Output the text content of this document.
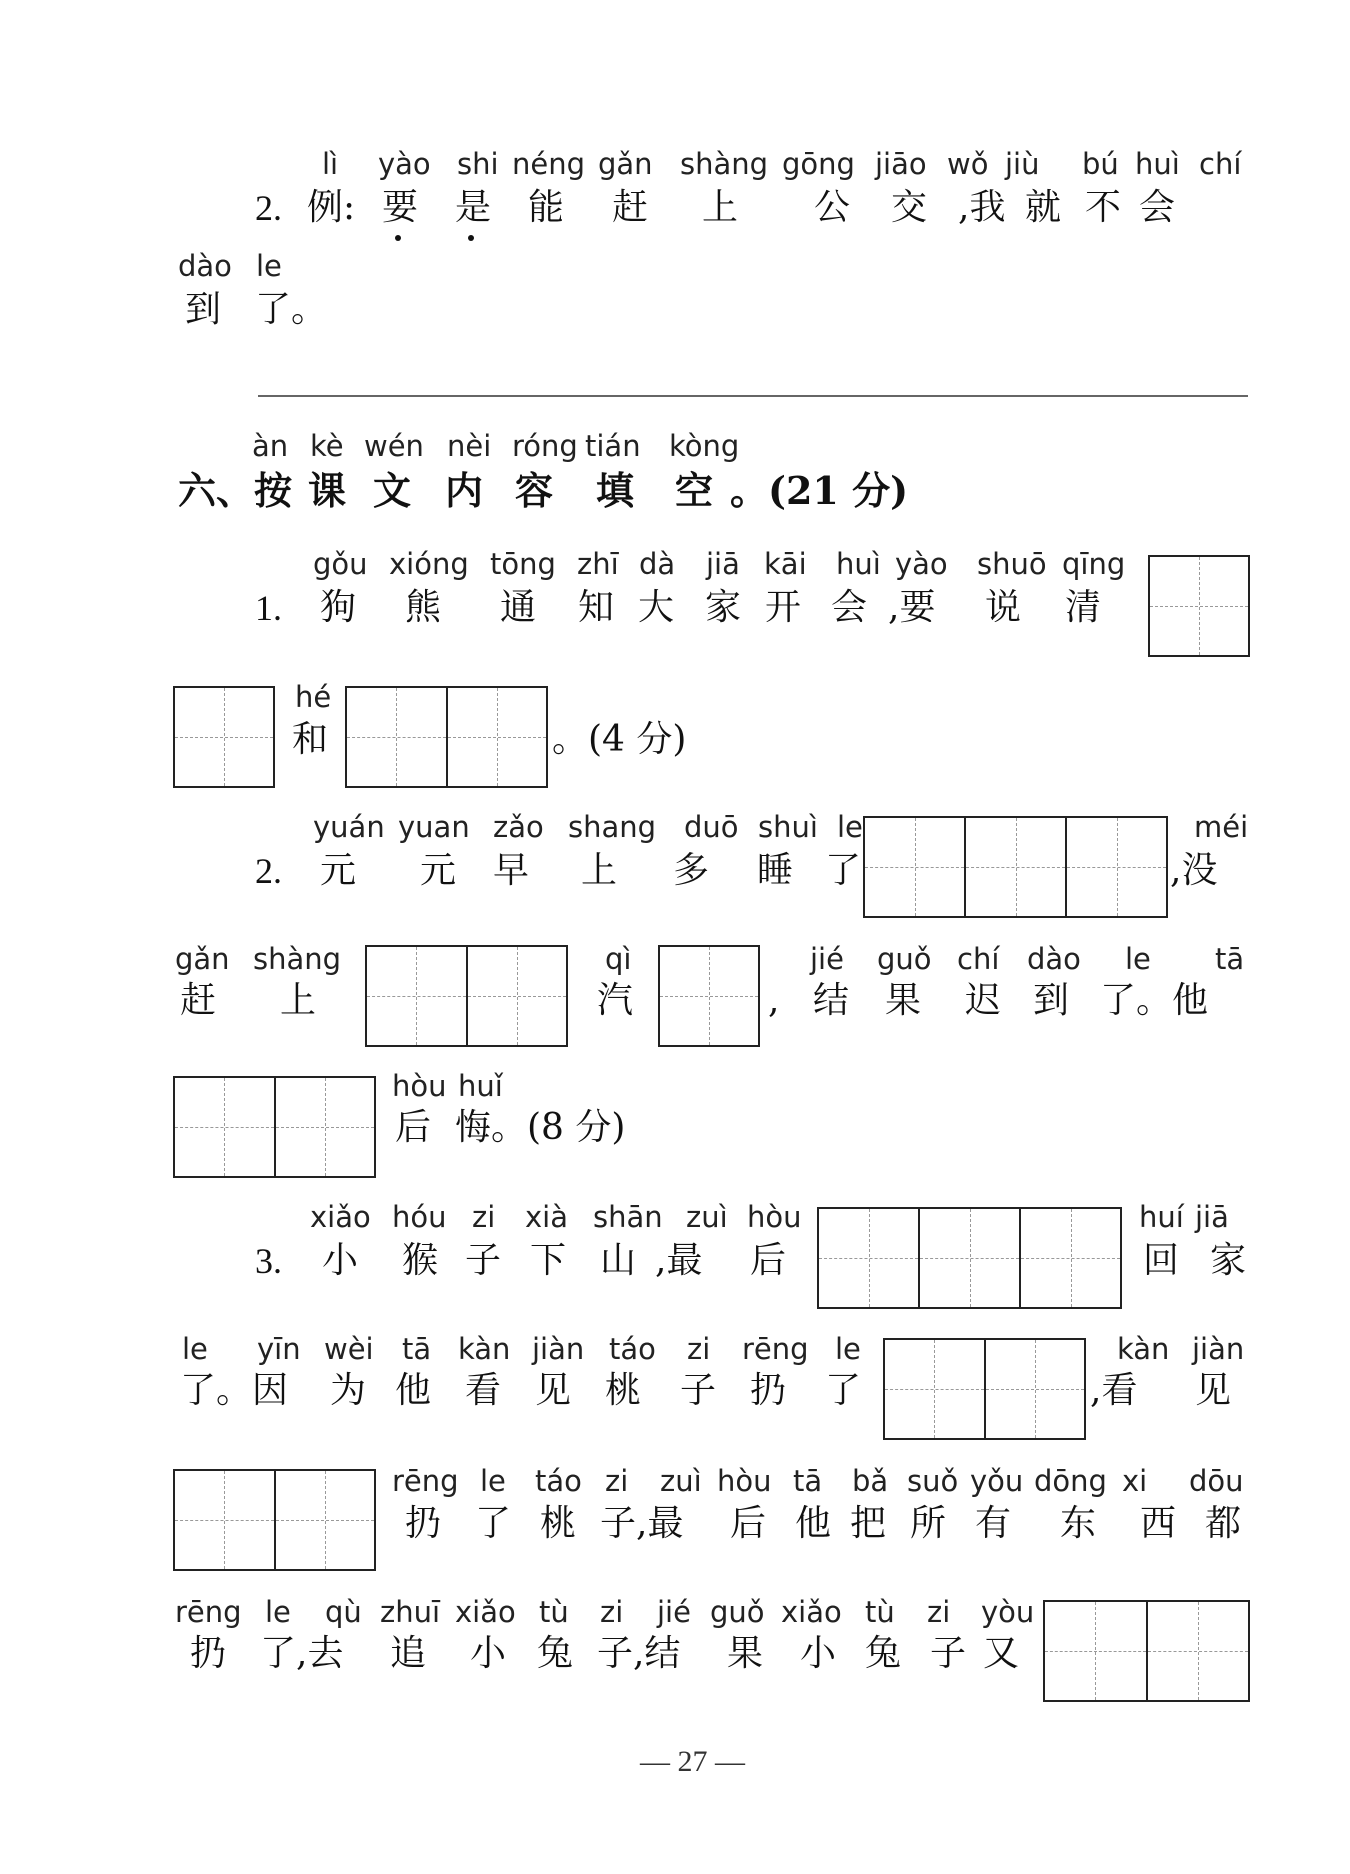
lì yào shi néng gǎn shàng gōng jiāo wǒ jiù bú huì chí
2. 例: 要 是 能 赶 上 公 交 ,我 就 不 会
dào le
到 了。
àn kè wén nèi róng tián kòng
六、按 课 文 内 容 填 空 。(21 分)
gǒu xióng tōng zhī dà jiā kāi huì yào shuō qīng
1. 狗 熊 通 知 大 家 开 会 ,要 说 清
hé
和	。(4 分)
yuán yuan zǎo shang duō shuì le	méi
2. 元 元 早 上 多 睡 了	,没
gǎn shàng	qì	jié guǒ chí dào le tā
赶 上	汽	, 结 果 迟 到 了。他
hòu huǐ
后 悔。(8 分)
xiǎo hóu zi xià shān zuì hòu	huí jiā
3. 小 猴 子 下 山 ,最 后	回 家
le yīn wèi tā kàn jiàn táo zi rēng le	kàn jiàn
了。因 为 他 看 见 桃 子 扔 了	,看 见
rēng le táo zi zuì hòu tā bǎ suǒ yǒu dōng xi dōu
扔 了 桃 子,最 后 他 把 所 有 东 西 都
rēng le qù zhuī xiǎo tù zi jié guǒ xiǎo tù zi yòu
扔 了,去 追 小 兔 子,结 果 小 兔 子 又
— 27 —
